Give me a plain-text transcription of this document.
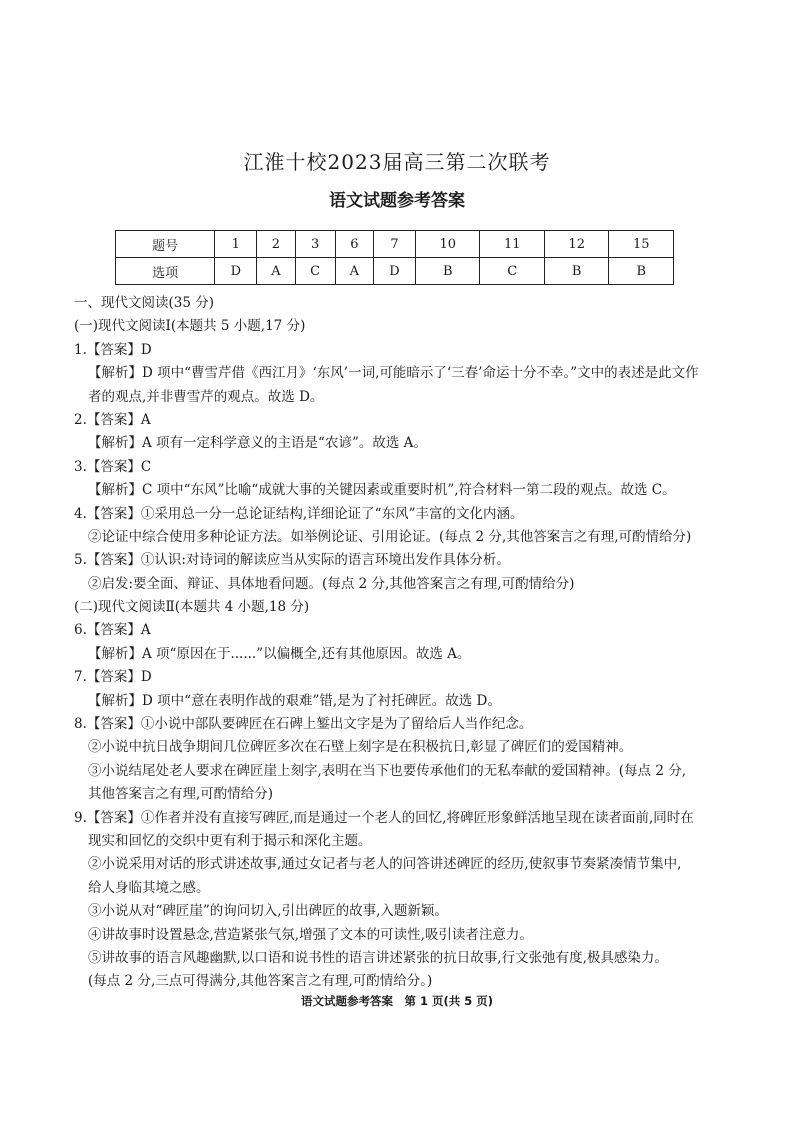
江淮十校2023届高三第二次联考
语文试题参考答案
题号	1	2	3	6	7	10	11	12	15
选项	D	A	C	A	D	B	C	B	B
一、现代文阅读(35 分)
(一)现代文阅读Ⅰ(本题共 5 小题,17 分)
1.【答案】D
【解析】D 项中“曹雪芹借《西江月》‘东风’一词,可能暗示了‘三春’命运十分不幸。”文中的表述是此文作
者的观点,并非曹雪芹的观点。故选 D。
2.【答案】A
【解析】A 项有一定科学意义的主语是“农谚”。故选 A。
3.【答案】C
【解析】C 项中“东风”比喻“成就大事的关键因素或重要时机”,符合材料一第二段的观点。故选 C。
4.【答案】①采用总一分一总论证结构,详细论证了“东风”丰富的文化内涵。
②论证中综合使用多种论证方法。如举例论证、引用论证。(每点 2 分,其他答案言之有理,可酌情给分)
5.【答案】①认识:对诗词的解读应当从实际的语言环境出发作具体分析。
②启发:要全面、辩证、具体地看问题。(每点 2 分,其他答案言之有理,可酌情给分)
(二)现代文阅读Ⅱ(本题共 4 小题,18 分)
6.【答案】A
【解析】A 项“原因在于......”以偏概全,还有其他原因。故选 A。
7.【答案】D
【解析】D 项中“意在表明作战的艰难”错,是为了衬托碑匠。故选 D。
8.【答案】①小说中部队要碑匠在石碑上錾出文字是为了留给后人当作纪念。
②小说中抗日战争期间几位碑匠多次在石壁上刻字是在积极抗日,彰显了碑匠们的爱国精神。
③小说结尾处老人要求在碑匠崖上刻字,表明在当下也要传承他们的无私奉献的爱国精神。(每点 2 分,
其他答案言之有理,可酌情给分)
9.【答案】①作者并没有直接写碑匠,而是通过一个老人的回忆,将碑匠形象鲜活地呈现在读者面前,同时在
现实和回忆的交织中更有利于揭示和深化主题。
②小说采用对话的形式讲述故事,通过女记者与老人的问答讲述碑匠的经历,使叙事节奏紧凑情节集中,
给人身临其境之感。
③小说从对“碑匠崖”的询问切入,引出碑匠的故事,入题新颖。
④讲故事时设置悬念,营造紧张气氛,增强了文本的可读性,吸引读者注意力。
⑤讲故事的语言风趣幽默,以口语和说书性的语言讲述紧张的抗日故事,行文张弛有度,极具感染力。
(每点 2 分,三点可得满分,其他答案言之有理,可酌情给分。)
语文试题参考答案　第 1 页(共 5 页)
